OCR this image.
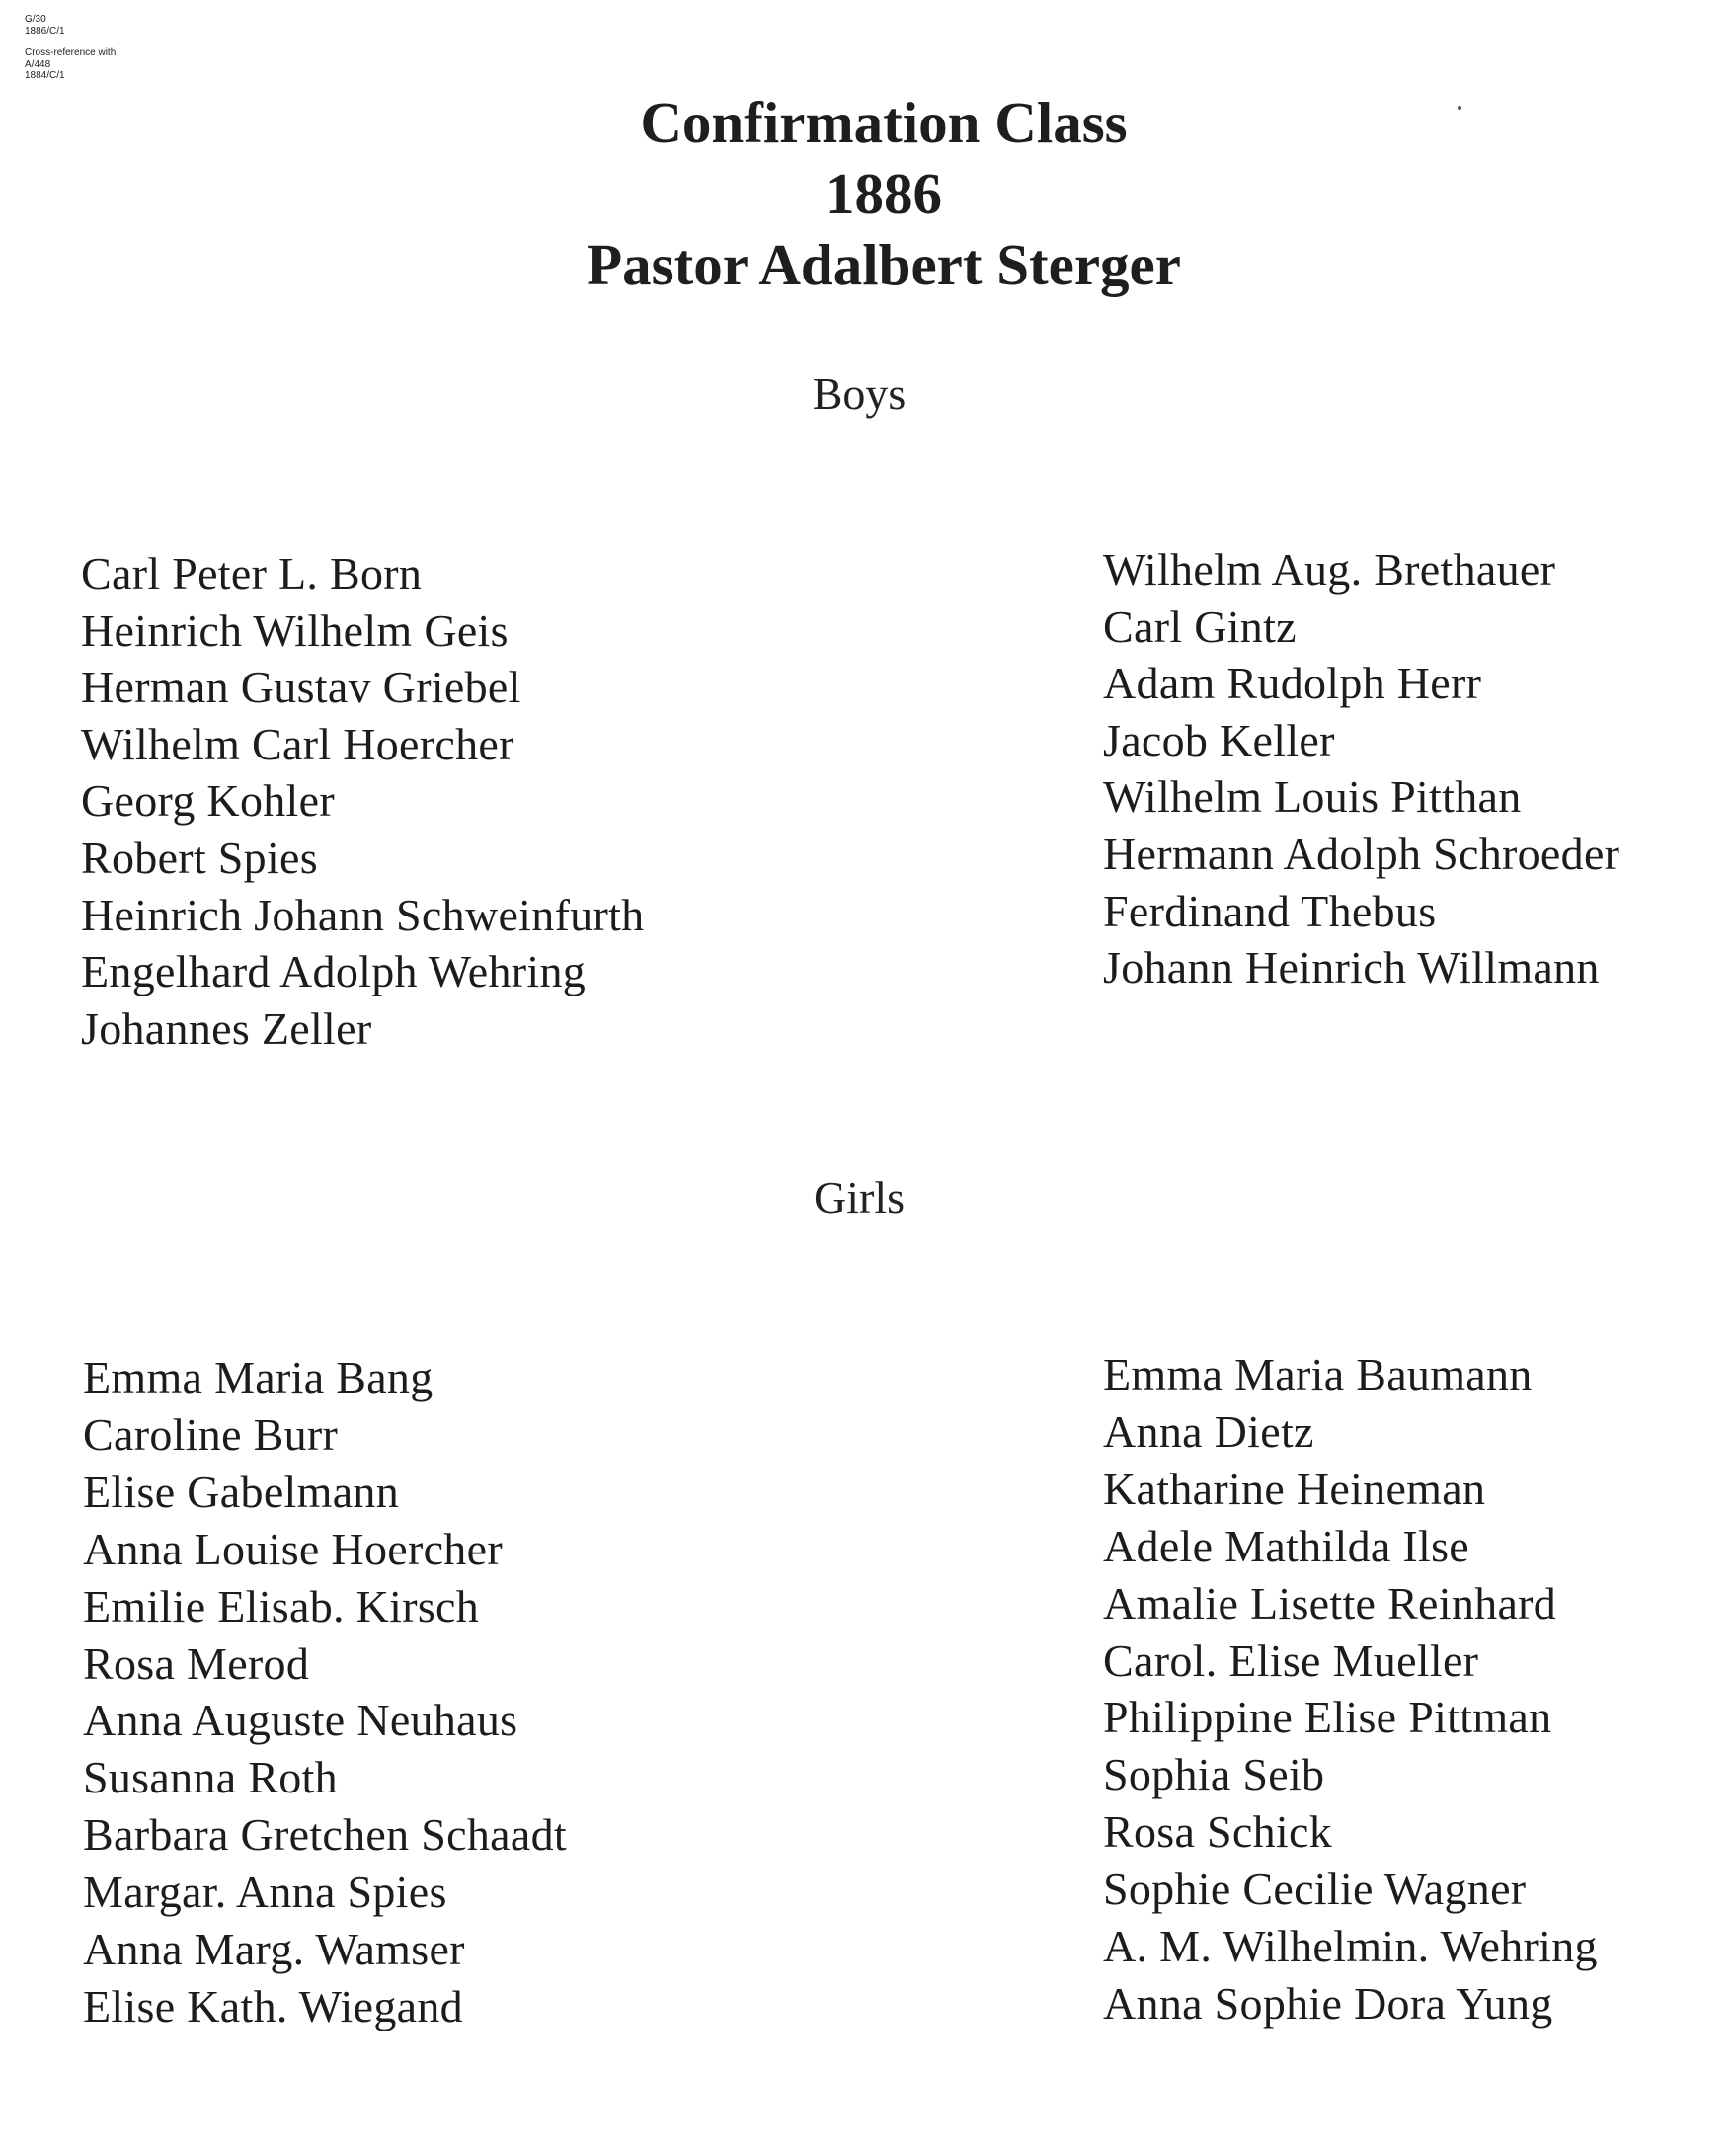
G/30
1886/C/1
Cross-reference with
A/448
1884/C/1
Confirmation Class
1886
Pastor Adalbert Sterger
Boys
Carl Peter L. Born
Heinrich Wilhelm Geis
Herman Gustav Griebel
Wilhelm Carl Hoercher
Georg Kohler
Robert Spies
Heinrich Johann Schweinfurth
Engelhard Adolph Wehring
Johannes Zeller
Wilhelm Aug. Brethauer
Carl Gintz
Adam Rudolph Herr
Jacob Keller
Wilhelm Louis Pitthan
Hermann Adolph Schroeder
Ferdinand Thebus
Johann Heinrich Willmann
Girls
Emma Maria Bang
Caroline Burr
Elise Gabelmann
Anna Louise Hoercher
Emilie Elisab. Kirsch
Rosa Merod
Anna Auguste Neuhaus
Susanna Roth
Barbara Gretchen Schaadt
Margar. Anna Spies
Anna Marg. Wamser
Elise Kath. Wiegand
Emma Maria Baumann
Anna Dietz
Katharine Heineman
Adele Mathilda Ilse
Amalie Lisette Reinhard
Carol. Elise Mueller
Philippine Elise Pittman
Sophia Seib
Rosa Schick
Sophie Cecilie Wagner
A. M. Wilhelmin. Wehring
Anna Sophie Dora Yung
